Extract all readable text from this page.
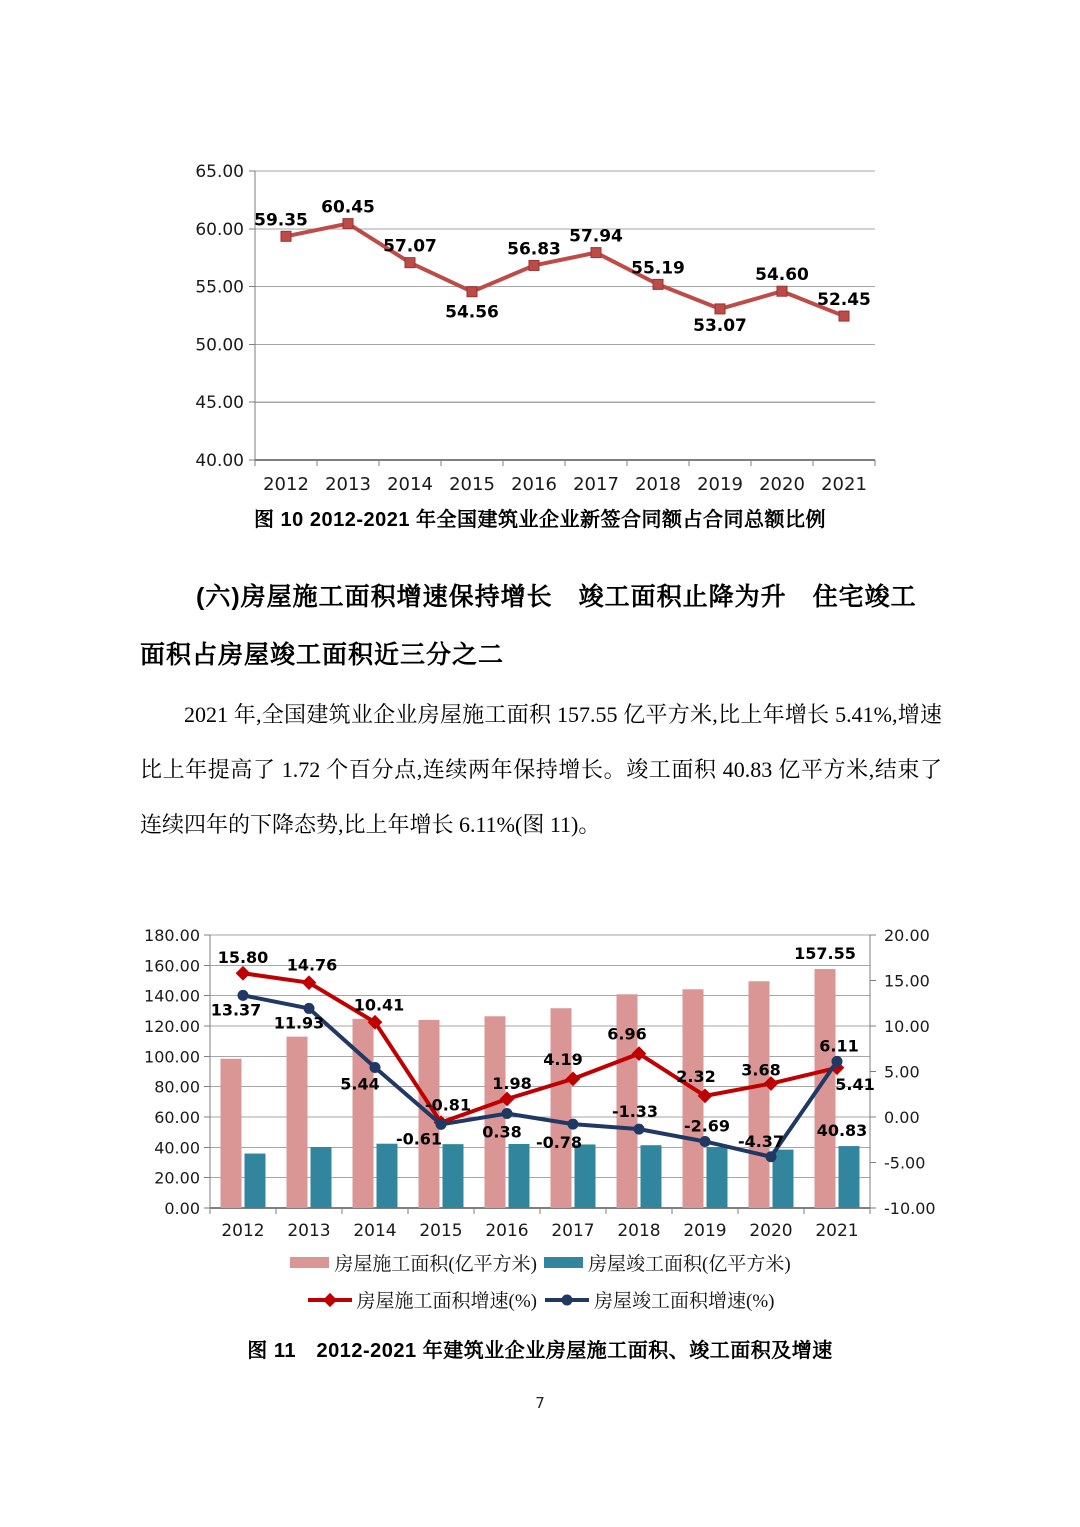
40.00
45.00
50.00
55.00
60.00
65.00
2012 2013 2014 2015 2016 2017 2018 2019 2020 2021
59.35
60.45
57.07
54.56
56.83
57.94
55.19
53.07
54.60
52.45
图 10 2012-2021 年全国建筑业企业新签合同额占合同总额比例
(六)房屋施工面积增速保持增长　竣工面积止降为升　住宅竣工
面积占房屋竣工面积近三分之二

2021 年,全国建筑业企业房屋施工面积 157.55 亿平方米,比上年增长 5.41%,增速比上年提高了 1.72 个百分点,连续两年保持增长。竣工面积 40.83 亿平方米,结束了连续四年的下降态势,比上年增长 6.11%(图 11)。

0.00
20.00
40.00
60.00
80.00
100.00
120.00
140.00
160.00
180.00
-10.00
-5.00
0.00
5.00
10.00
15.00
20.00
2012 2013 2014 2015 2016 2017 2018 2019 2020 2021
157.55
40.83
15.80 14.76
10.41
-0.61
1.98
4.19
6.96
2.32 3.68
5.41
13.37
11.93
5.44
-0.81
0.38
-0.78
-1.33
-2.69
-4.37
6.11
房屋施工面积(亿平方米)	房屋竣工面积(亿平方米)
房屋施工面积增速(%)	房屋竣工面积增速(%)
图 11　2012-2021 年建筑业企业房屋施工面积、竣工面积及增速
7
